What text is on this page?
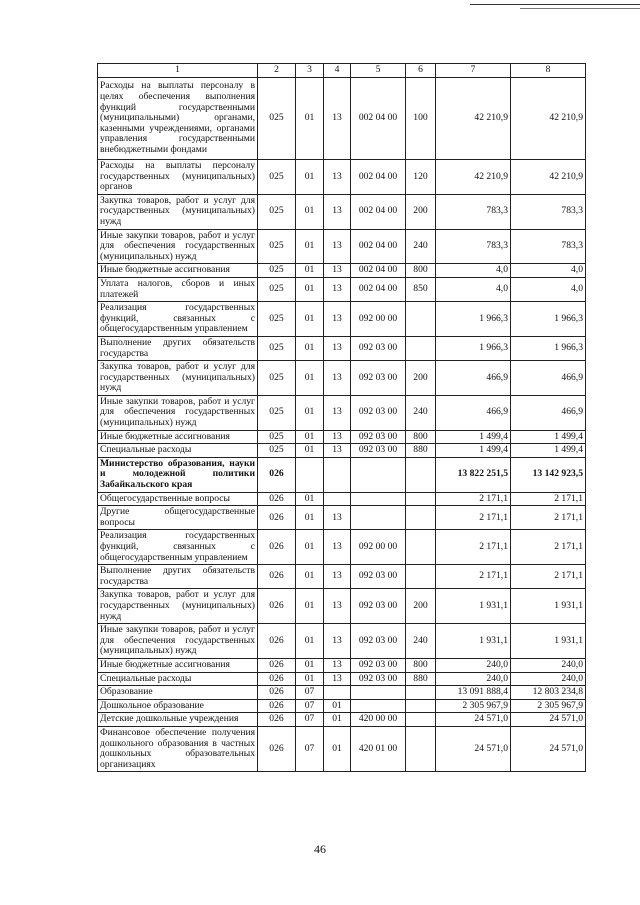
1	2	3	4	5	6	7	8
Расходы на выплаты персоналу в целях обеспечения выполнения функций государственными (муниципальными) органами, казенными учреждениями, органами управления государственными внебюджетными фондами	025	01	13	002 04 00	100	42 210,9	42 210,9
Расходы на выплаты персоналу государственных (муниципальных) органов	025	01	13	002 04 00	120	42 210,9	42 210,9
Закупка товаров, работ и услуг для государственных (муниципальных) нужд	025	01	13	002 04 00	200	783,3	783,3
Иные закупки товаров, работ и услуг для обеспечения государственных (муниципальных) нужд	025	01	13	002 04 00	240	783,3	783,3
Иные бюджетные ассигнования	025	01	13	002 04 00	800	4,0	4,0
Уплата налогов, сборов и иных платежей	025	01	13	002 04 00	850	4,0	4,0
Реализация государственных функций, связанных с общегосударственным управлением	025	01	13	092 00 00		1 966,3	1 966,3
Выполнение других обязательств государства	025	01	13	092 03 00		1 966,3	1 966,3
Закупка товаров, работ и услуг для государственных (муниципальных) нужд	025	01	13	092 03 00	200	466,9	466,9
Иные закупки товаров, работ и услуг для обеспечения государственных (муниципальных) нужд	025	01	13	092 03 00	240	466,9	466,9
Иные бюджетные ассигнования	025	01	13	092 03 00	800	1 499,4	1 499,4
Специальные расходы	025	01	13	092 03 00	880	1 499,4	1 499,4
Министерство образования, науки и молодежной политики Забайкальского края	026					13 822 251,5	13 142 923,5
Общегосударственные вопросы	026	01				2 171,1	2 171,1
Другие общегосударственные вопросы	026	01	13			2 171,1	2 171,1
Реализация государственных функций, связанных с общегосударственным управлением	026	01	13	092 00 00		2 171,1	2 171,1
Выполнение других обязательств государства	026	01	13	092 03 00		2 171,1	2 171,1
Закупка товаров, работ и услуг для государственных (муниципальных) нужд	026	01	13	092 03 00	200	1 931,1	1 931,1
Иные закупки товаров, работ и услуг для обеспечения государственных (муниципальных) нужд	026	01	13	092 03 00	240	1 931,1	1 931,1
Иные бюджетные ассигнования	026	01	13	092 03 00	800	240,0	240,0
Специальные расходы	026	01	13	092 03 00	880	240,0	240,0
Образование	026	07				13 091 888,4	12 803 234,8
Дошкольное образование	026	07	01			2 305 967,9	2 305 967,9
Детские дошкольные учреждения	026	07	01	420 00 00		24 571,0	24 571,0
Финансовое обеспечение получения дошкольного образования в частных дошкольных образовательных организациях	026	07	01	420 01 00		24 571,0	24 571,0
46
